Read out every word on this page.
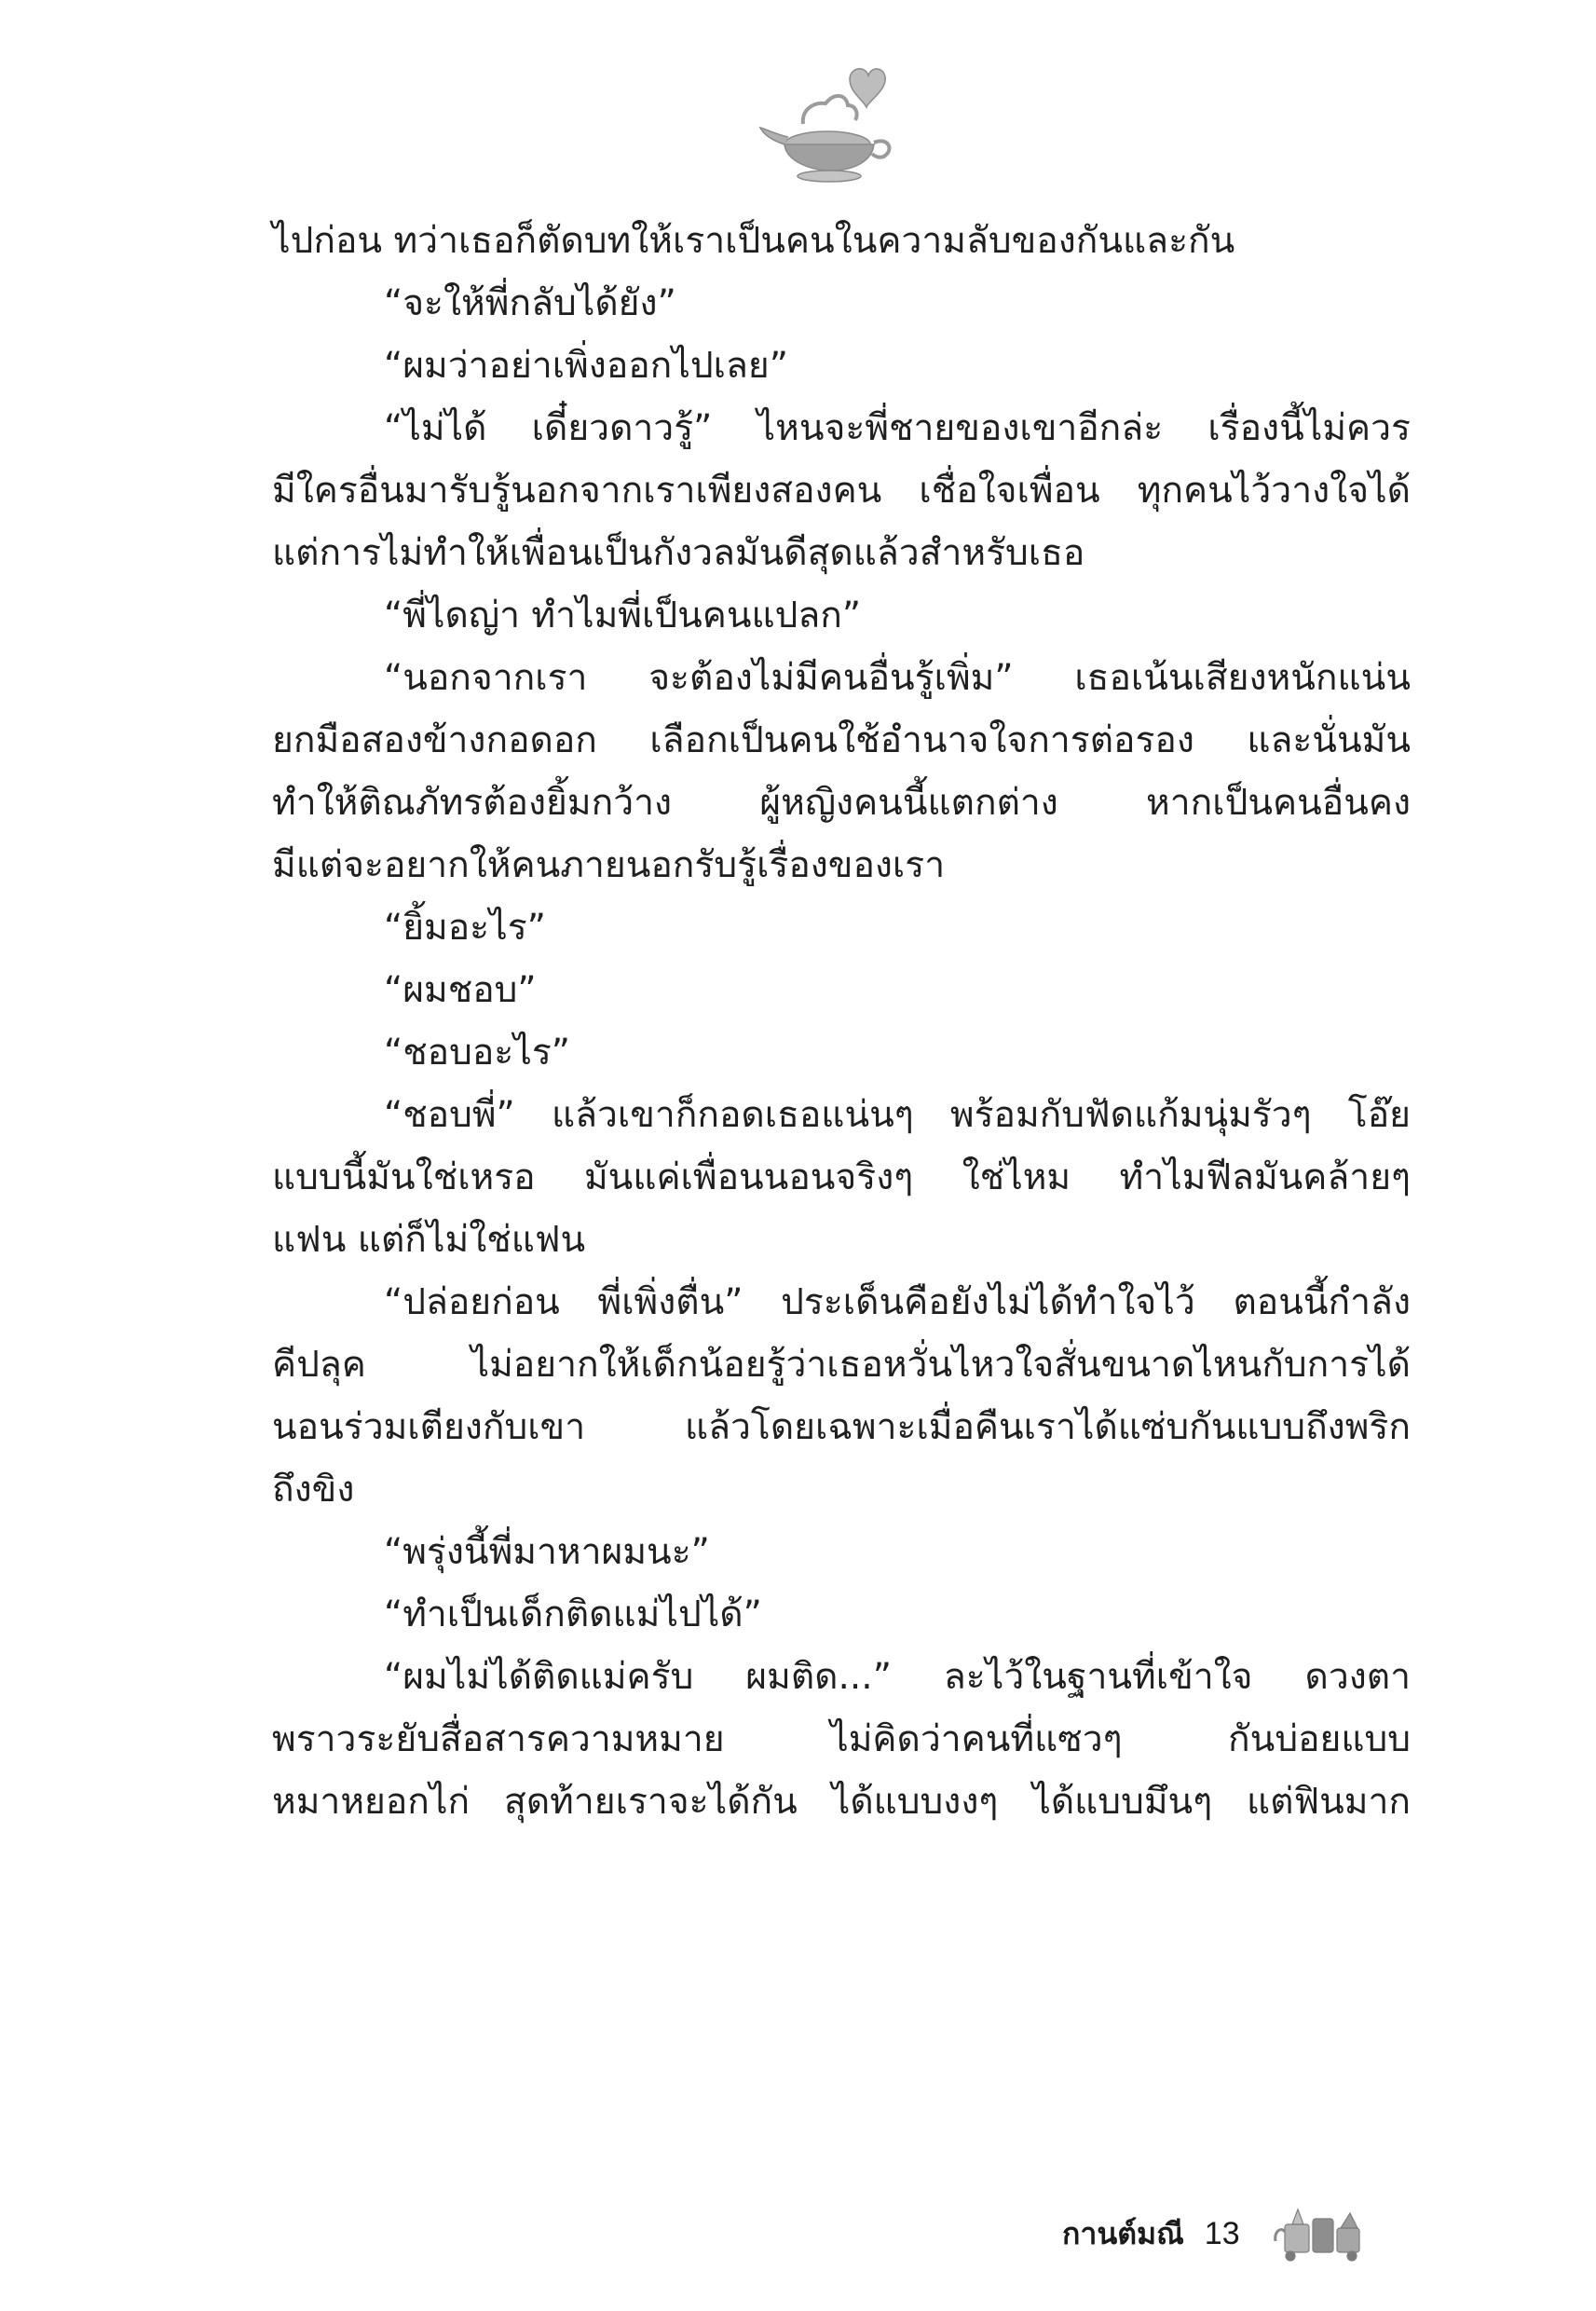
ไปก่อน ทว่าเธอก็ตัดบทให้เราเป็นคนในความลับของกันและกัน
“จะให้พี่กลับได้ยัง”
“ผมว่าอย่าเพิ่งออกไปเลย”
“ไม่ได้ เดี๋ยวดาวรู้” ไหนจะพี่ชายของเขาอีกล่ะ เรื่องนี้ไม่ควร
มีใครอื่นมารับรู้นอกจากเราเพียงสองคน เชื่อใจเพื่อน ทุกคนไว้วางใจได้
แต่การไม่ทำให้เพื่อนเป็นกังวลมันดีสุดแล้วสำหรับเธอ
“พี่ไดญ่า ทำไมพี่เป็นคนแปลก”
“นอกจากเรา จะต้องไม่มีคนอื่นรู้เพิ่ม” เธอเน้นเสียงหนักแน่น
ยกมือสองข้างกอดอก เลือกเป็นคนใช้อำนาจใจการต่อรอง และนั่นมัน
ทำให้ติณภัทรต้องยิ้มกว้าง ผู้หญิงคนนี้แตกต่าง หากเป็นคนอื่นคง
มีแต่จะอยากให้คนภายนอกรับรู้เรื่องของเรา
“ยิ้มอะไร”
“ผมชอบ”
“ชอบอะไร”
“ชอบพี่” แล้วเขาก็กอดเธอแน่นๆ พร้อมกับฟัดแก้มนุ่มรัวๆ โอ๊ย
แบบนี้มันใช่เหรอ มันแค่เพื่อนนอนจริงๆ ใช่ไหม ทำไมฟีลมันคล้ายๆ
แฟน แต่ก็ไม่ใช่แฟน
“ปล่อยก่อน พี่เพิ่งตื่น” ประเด็นคือยังไม่ได้ทำใจไว้ ตอนนี้กำลัง
คีปลุค ไม่อยากให้เด็กน้อยรู้ว่าเธอหวั่นไหวใจสั่นขนาดไหนกับการได้
นอนร่วมเตียงกับเขา แล้วโดยเฉพาะเมื่อคืนเราได้แซ่บกันแบบถึงพริก
ถึงขิง
“พรุ่งนี้พี่มาหาผมนะ”
“ทำเป็นเด็กติดแม่ไปได้”
“ผมไม่ได้ติดแม่ครับ ผมติด...” ละไว้ในฐานที่เข้าใจ ดวงตา
พราวระยับสื่อสารความหมาย ไม่คิดว่าคนที่แซวๆ กันบ่อยแบบ
หมาหยอกไก่ สุดท้ายเราจะได้กัน ได้แบบงงๆ ได้แบบมึนๆ แต่ฟินมาก
กานต์มณี 13
